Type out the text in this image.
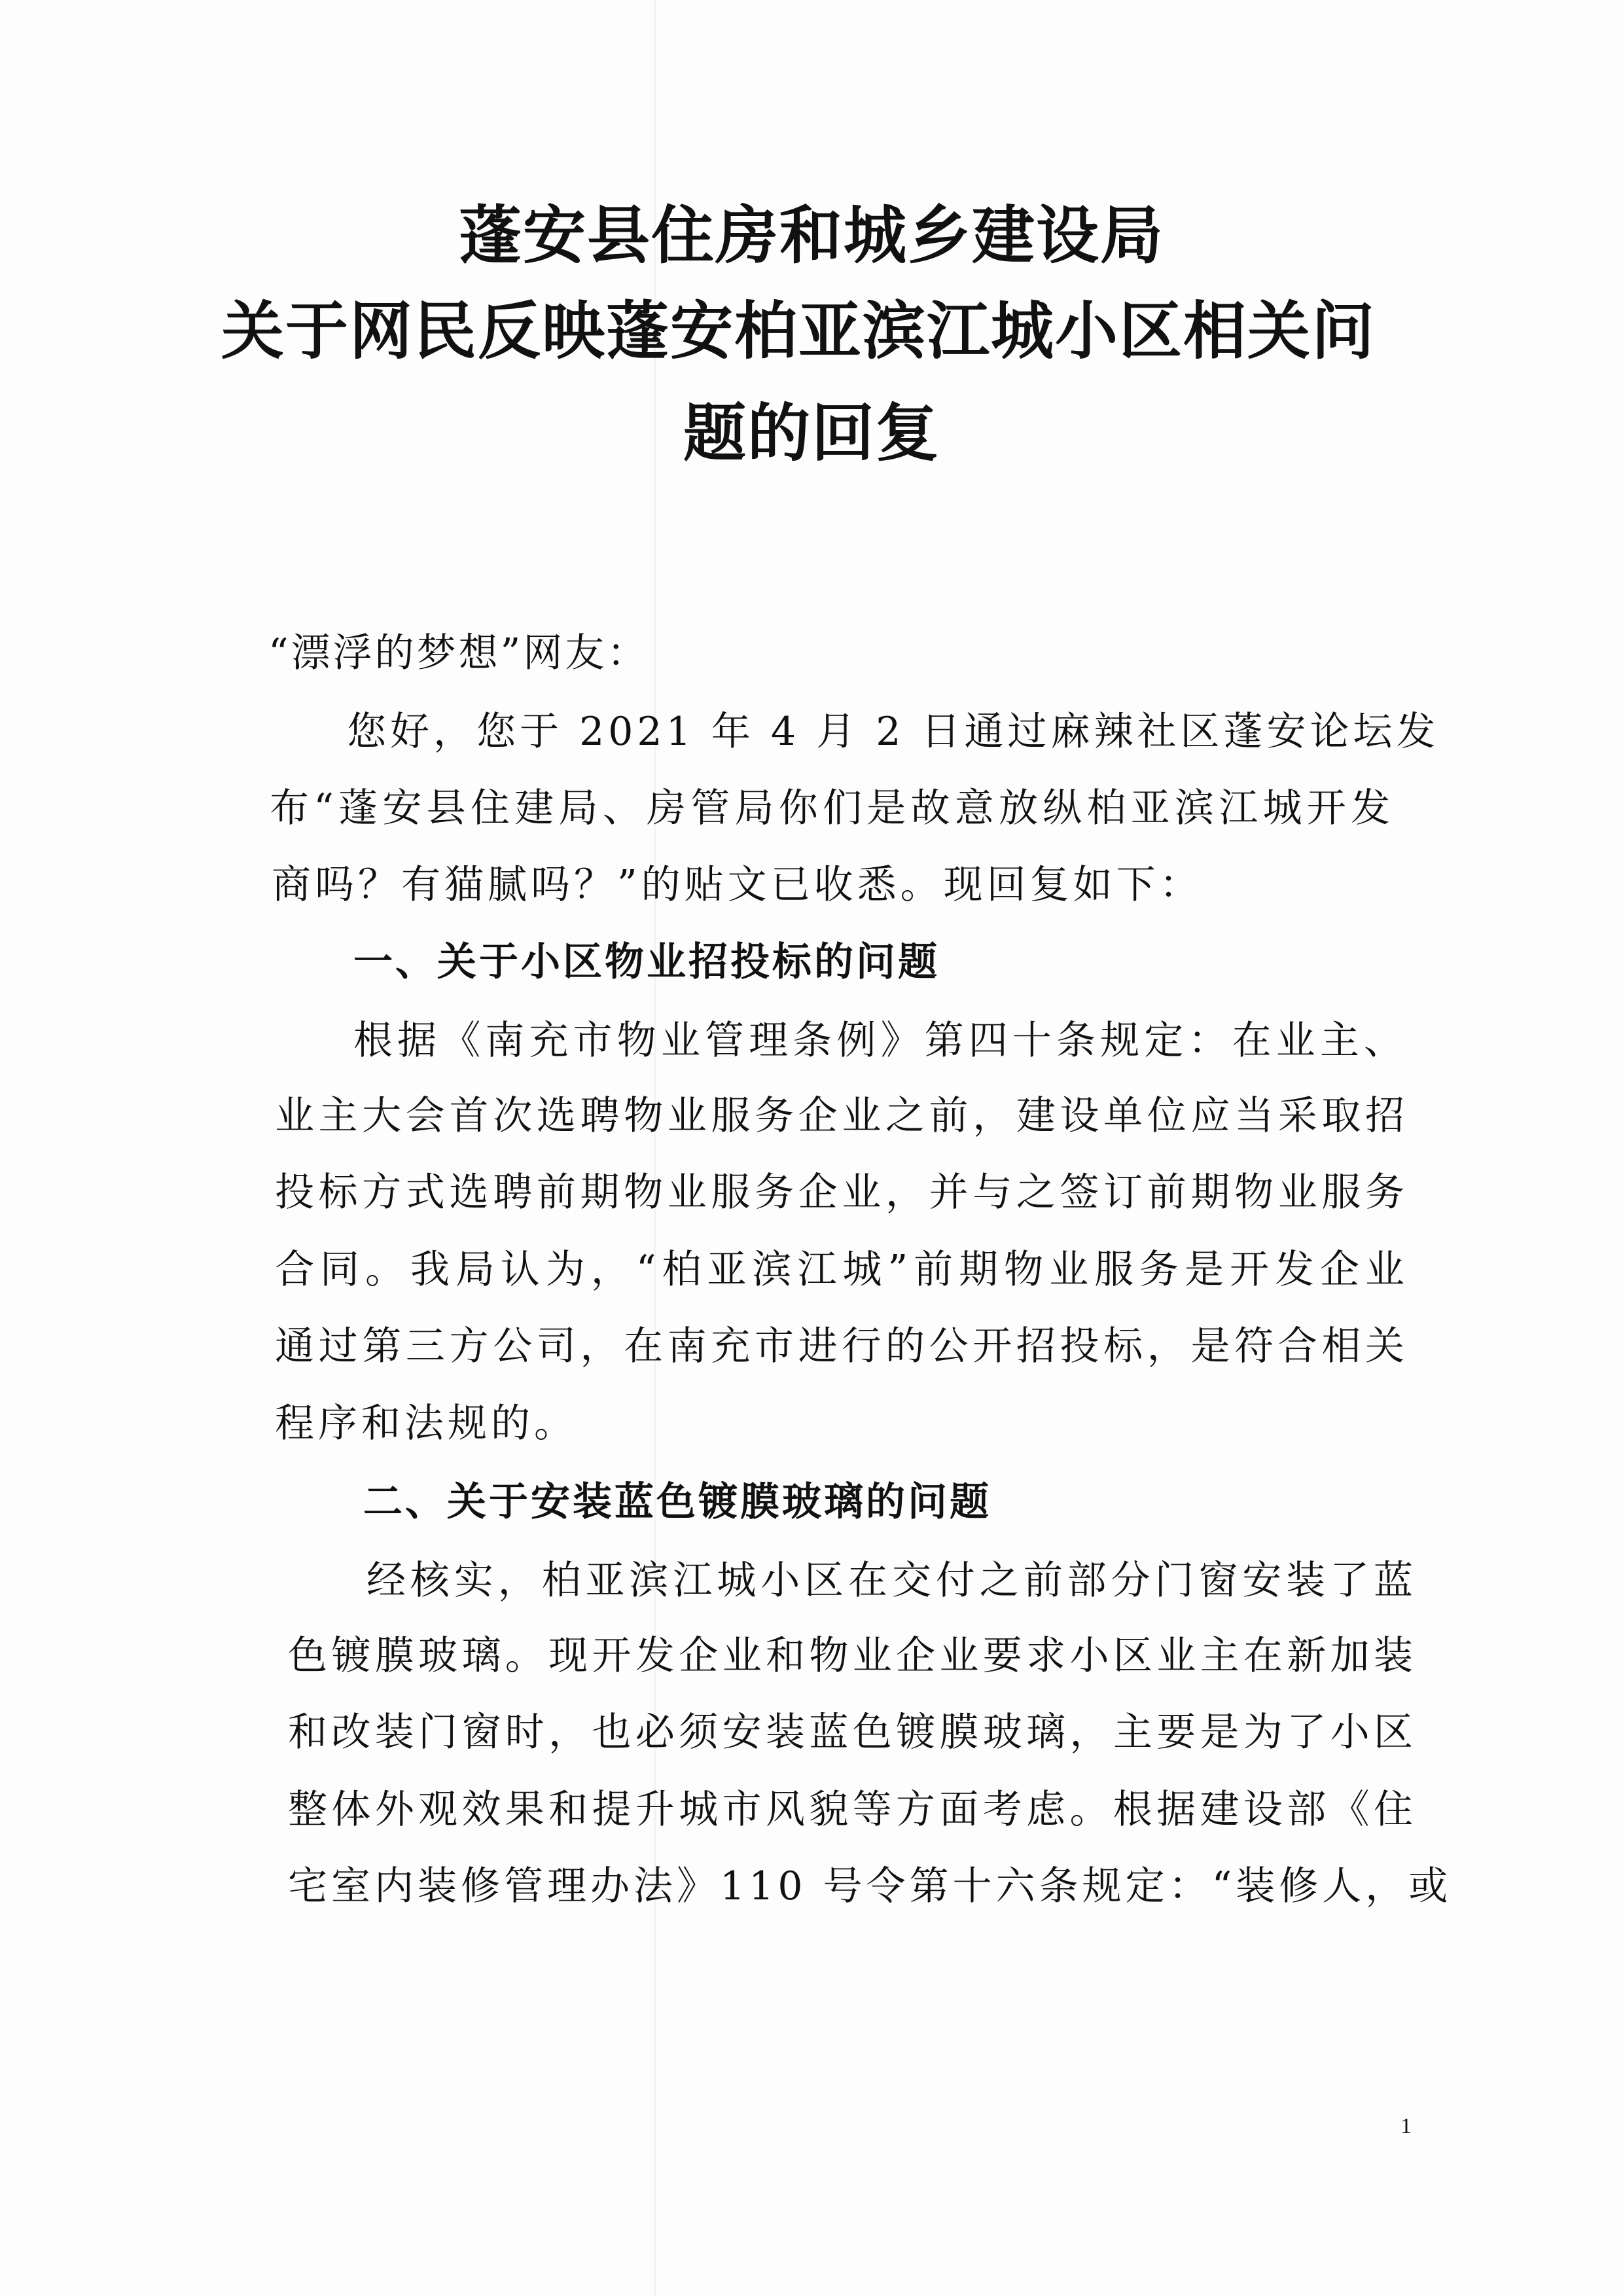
蓬安县住房和城乡建设局
关于网民反映蓬安柏亚滨江城小区相关问
题的回复
“漂浮的梦想”网友：
您好，您于 2021 年 4 月 2 日通过麻辣社区蓬安论坛发
布“蓬安县住建局、房管局你们是故意放纵柏亚滨江城开发
商吗？有猫腻吗？”的贴文已收悉。现回复如下：
一、关于小区物业招投标的问题
根据《南充市物业管理条例》第四十条规定：在业主、
业主大会首次选聘物业服务企业之前，建设单位应当采取招
投标方式选聘前期物业服务企业，并与之签订前期物业服务
合同。我局认为，“柏亚滨江城”前期物业服务是开发企业
通过第三方公司，在南充市进行的公开招投标，是符合相关
程序和法规的。
二、关于安装蓝色镀膜玻璃的问题
经核实，柏亚滨江城小区在交付之前部分门窗安装了蓝
色镀膜玻璃。现开发企业和物业企业要求小区业主在新加装
和改装门窗时，也必须安装蓝色镀膜玻璃，主要是为了小区
整体外观效果和提升城市风貌等方面考虑。根据建设部《住
宅室内装修管理办法》110 号令第十六条规定：“装修人，或
1
